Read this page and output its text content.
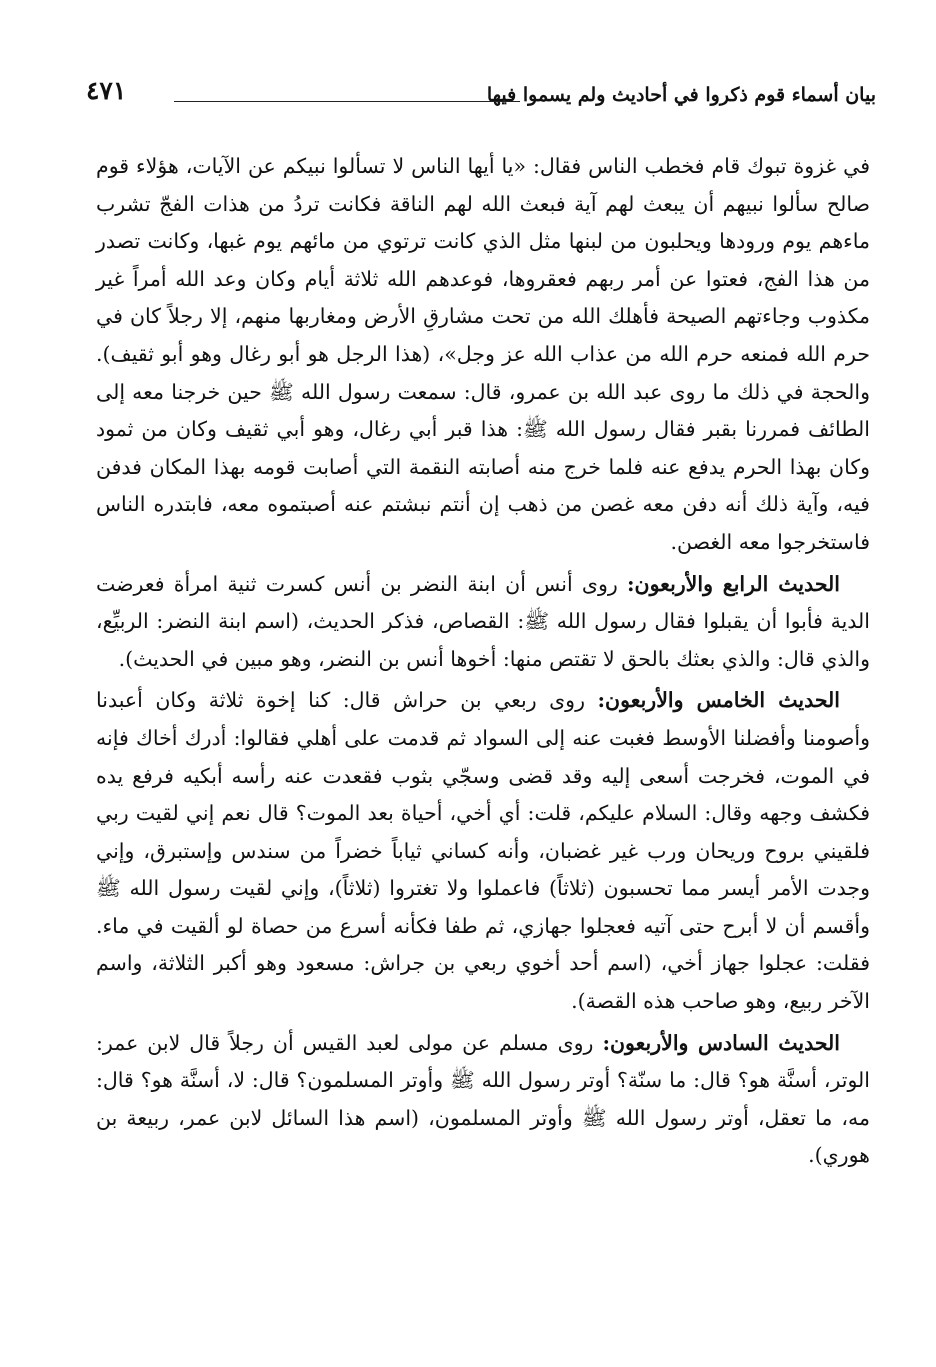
بيان أسماء قوم ذكروا في أحاديث ولم يسموا فيها
٤٧١

في غزوة تبوك قام فخطب الناس فقال: «يا أيها الناس لا تسألوا نبيكم عن الآيات، هؤلاء قوم صالح سألوا نبيهم أن يبعث لهم آية فبعث الله لهم الناقة فكانت تردُ من هذات الفجّ تشرب ماءهم يوم ورودها ويحلبون من لبنها مثل الذي كانت ترتوي من مائهم يوم غبها، وكانت تصدر من هذا الفج، فعتوا عن أمر ربهم فعقروها، فوعدهم الله ثلاثة أيام وكان وعد الله أمراً غير مكذوب وجاءتهم الصيحة فأهلك الله من تحت مشارقِ الأرض ومغاربها منهم، إلا رجلاً كان في حرم الله فمنعه حرم الله من عذاب الله عز وجل»، (هذا الرجل هو أبو رغال وهو أبو ثقيف). والحجة في ذلك ما روى عبد الله بن عمرو، قال: سمعت رسول الله ﷺ حين خرجنا معه إلى الطائف فمررنا بقبر فقال رسول الله ﷺ: هذا قبر أبي رغال، وهو أبي ثقيف وكان من ثمود وكان بهذا الحرم يدفع عنه فلما خرج منه أصابته النقمة التي أصابت قومه بهذا المكان فدفن فيه، وآية ذلك أنه دفن معه غصن من ذهب إن أنتم نبشتم عنه أصبتموه معه، فابتدره الناس فاستخرجوا معه الغصن.

الحديث الرابع والأربعون: روى أنس أن ابنة النضر بن أنس كسرت ثنية امرأة فعرضت الدية فأبوا أن يقبلوا فقال رسول الله ﷺ: القصاص، فذكر الحديث، (اسم ابنة النضر: الربيِّع، والذي قال: والذي بعثك بالحق لا تقتص منها: أخوها أنس بن النضر، وهو مبين في الحديث).

الحديث الخامس والأربعون: روى ربعي بن حراش قال: كنا إخوة ثلاثة وكان أعبدنا وأصومنا وأفضلنا الأوسط فغبت عنه إلى السواد ثم قدمت على أهلي فقالوا: أدرك أخاك فإنه في الموت، فخرجت أسعى إليه وقد قضى وسجّي بثوب فقعدت عنه رأسه أبكيه فرفع يده فكشف وجهه وقال: السلام عليكم، قلت: أي أخي، أحياة بعد الموت؟ قال نعم إني لقيت ربي فلقيني بروح وريحان ورب غير غضبان، وأنه كساني ثياباً خضراً من سندس وإستبرق، وإني وجدت الأمر أيسر مما تحسبون (ثلاثاً) فاعملوا ولا تغتروا (ثلاثاً)، وإني لقيت رسول الله ﷺ وأقسم أن لا أبرح حتى آتيه فعجلوا جهازي، ثم طفا فكأنه أسرع من حصاة لو ألقيت في ماء. فقلت: عجلوا جهاز أخي، (اسم أحد أخوي ربعي بن جراش: مسعود وهو أكبر الثلاثة، واسم الآخر ربيع، وهو صاحب هذه القصة).

الحديث السادس والأربعون: روى مسلم عن مولى لعبد القيس أن رجلاً قال لابن عمر: الوتر، أسنَّة هو؟ قال: ما سنّة؟ أوتر رسول الله ﷺ وأوتر المسلمون؟ قال: لا، أسنَّة هو؟ قال: مه، ما تعقل، أوتر رسول الله ﷺ وأوتر المسلمون، (اسم هذا السائل لابن عمر، ربيعة بن هوري).
